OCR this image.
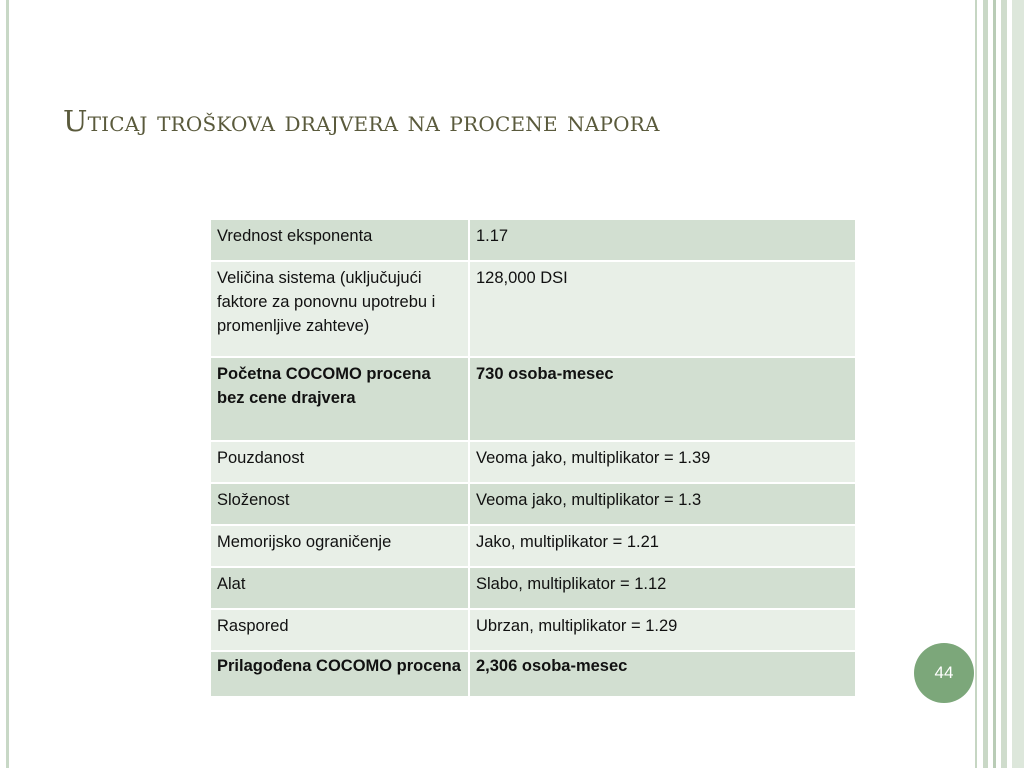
Uticaj troškova drajvera na procene napora
Vrednost eksponenta	1.17
Veličina sistema (uključujući faktore za ponovnu upotrebu i promenljive zahteve)	128,000 DSI
Početna COCOMO procena bez cene drajvera	730 osoba-mesec
Pouzdanost	Veoma jako, multiplikator = 1.39
Složenost	Veoma jako, multiplikator = 1.3
Memorijsko ograničenje	Jako, multiplikator = 1.21
Alat	Slabo, multiplikator = 1.12
Raspored	Ubrzan, multiplikator = 1.29
Prilagođena COCOMO procena	2,306 osoba-mesec	44
